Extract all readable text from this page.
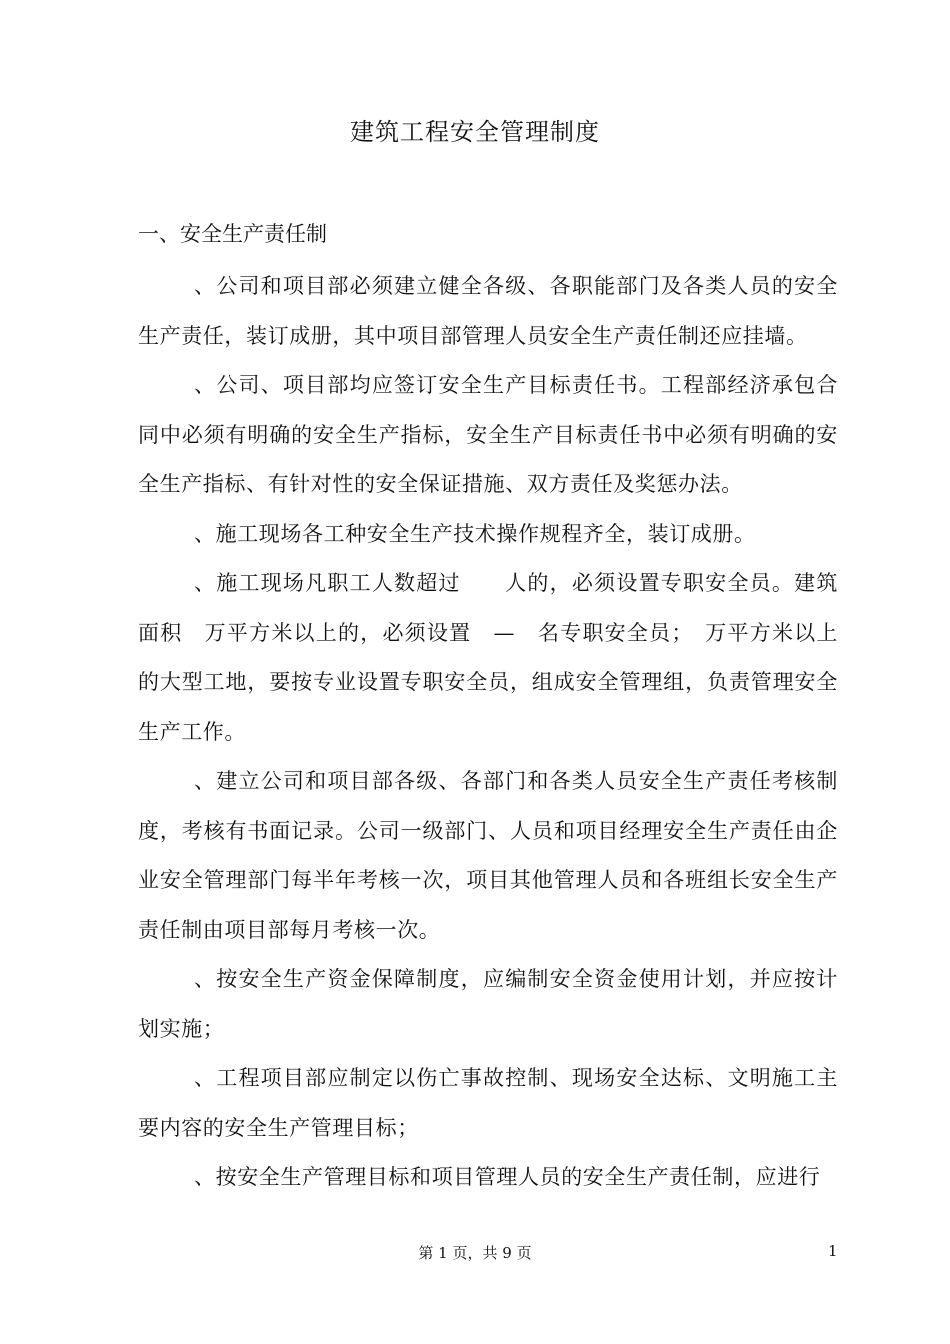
建筑工程安全管理制度
一、安全生产责任制

、公司和项目部必须建立健全各级、各职能部门及各类人员的安全生产责任，装订成册，其中项目部管理人员安全生产责任制还应挂墙。

、公司、项目部均应签订安全生产目标责任书。工程部经济承包合同中必须有明确的安全生产指标，安全生产目标责任书中必须有明确的安全生产指标、有针对性的安全保证措施、双方责任及奖惩办法。

、施工现场各工种安全生产技术操作规程齐全，装订成册。

、施工现场凡职工人数超过　　人的，必须设置专职安全员。建筑面积　万平方米以上的，必须设置　—　名专职安全员；　万平方米以上的大型工地，要按专业设置专职安全员，组成安全管理组，负责管理安全生产工作。

、建立公司和项目部各级、各部门和各类人员安全生产责任考核制度，考核有书面记录。公司一级部门、人员和项目经理安全生产责任由企业安全管理部门每半年考核一次，项目其他管理人员和各班组长安全生产责任制由项目部每月考核一次。

、按安全生产资金保障制度，应编制安全资金使用计划，并应按计划实施；

、工程项目部应制定以伤亡事故控制、现场安全达标、文明施工主要内容的安全生产管理目标；

、按安全生产管理目标和项目管理人员的安全生产责任制，应进行

第 1 页，共 9 页	1
